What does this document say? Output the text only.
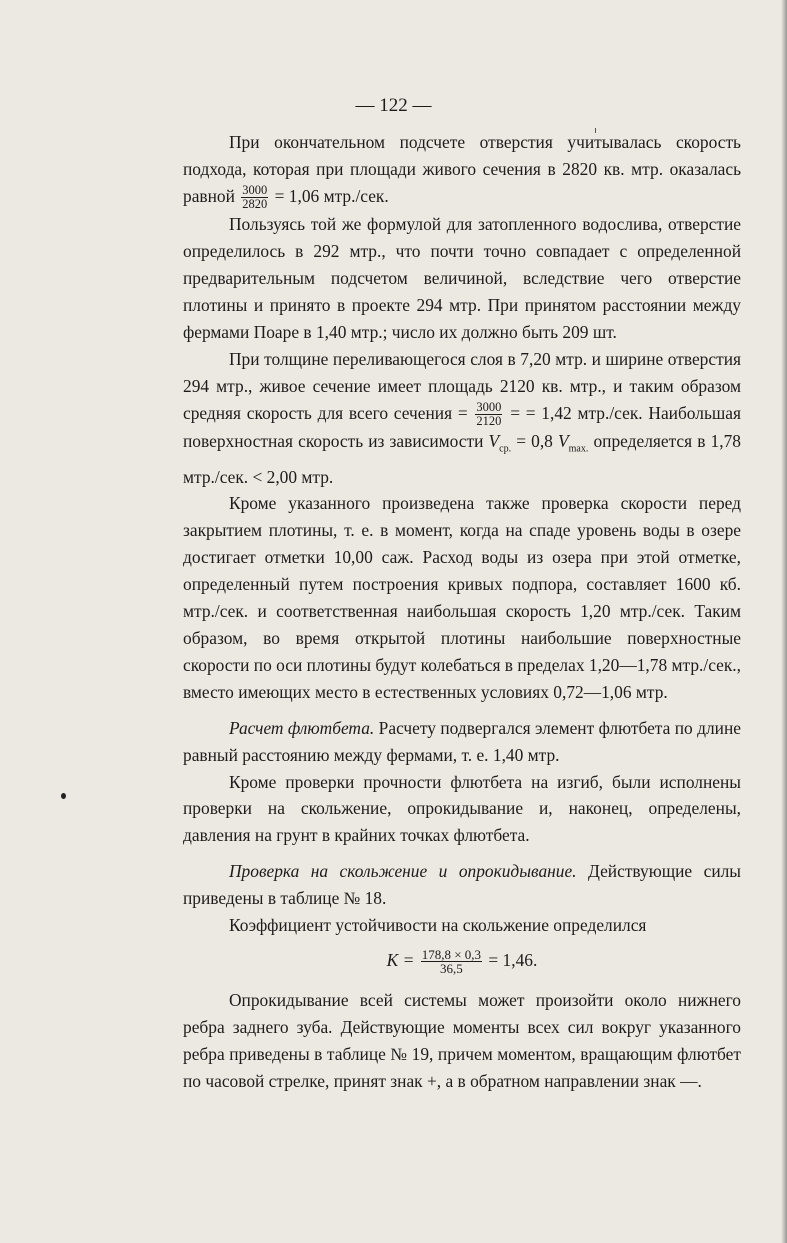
— 122 —

При окончательном подсчете отверстия учитывалась скорость подхода, которая при площади живого сечения в 2820 кв. мтр. оказалась равной $\frac{3000}{2820} = 1,06$ мтр./сек.

Пользуясь той же формулой для затопленного водослива, отверстие определилось в 292 мтр., что почти точно совпадает с определенной предварительным подсчетом величиной, вследствие чего отверстие плотины и принято в проекте 294 мтр. При принятом расстоянии между фермами Поаре в 1,40 мтр.; число их должно быть 209 шт.

При толщине переливающегося слоя в 7,20 мтр. и ширине отверстия 294 мтр., живое сечение имеет площадь 2120 кв. мтр., и таким образом средняя скорость для всего сечения = $\frac{3000}{2120}$ = = 1,42 мтр./сек. Наибольшая поверхностная скорость из зависимости $V_{ср.} = 0,8$ $V_{max.}$ определяется в 1,78 мтр./сек. < 2,00 мтр.

Кроме указанного произведена также проверка скорости перед закрытием плотины, т. е. в момент, когда на спаде уровень воды в озере достигает отметки 10,00 саж. Расход воды из озера при этой отметке, определенный путем построения кривых подпора, составляет 1600 кб. мтр./сек. и соответственная наибольшая скорость 1,20 мтр./сек. Таким образом, во время открытой плотины наибольшие поверхностные скорости по оси плотины будут колебаться в пределах 1,20—1,78 мтр./сек., вместо имеющих место в естественных условиях 0,72—1,06 мтр.

Расчет флютбета. Расчету подвергался элемент флютбета по длине равный расстоянию между фермами, т. е. 1,40 мтр.

Кроме проверки прочности флютбета на изгиб, были исполнены проверки на скольжение, опрокидывание и, наконец, определены, давления на грунт в крайних точках флютбета.

Проверка на скольжение и опрокидывание. Действующие силы приведены в таблице № 18.

Коэффициент устойчивости на скольжение определился

$K = \frac{178,8 \times 0,3}{36,5} = 1,46$.

Опрокидывание всей системы может произойти около нижнего ребра заднего зуба. Действующие моменты всех сил вокруг указанного ребра приведены в таблице № 19, причем моментом, вращающим флютбет по часовой стрелке, принят знак +, а в обратном направлении знак —.
